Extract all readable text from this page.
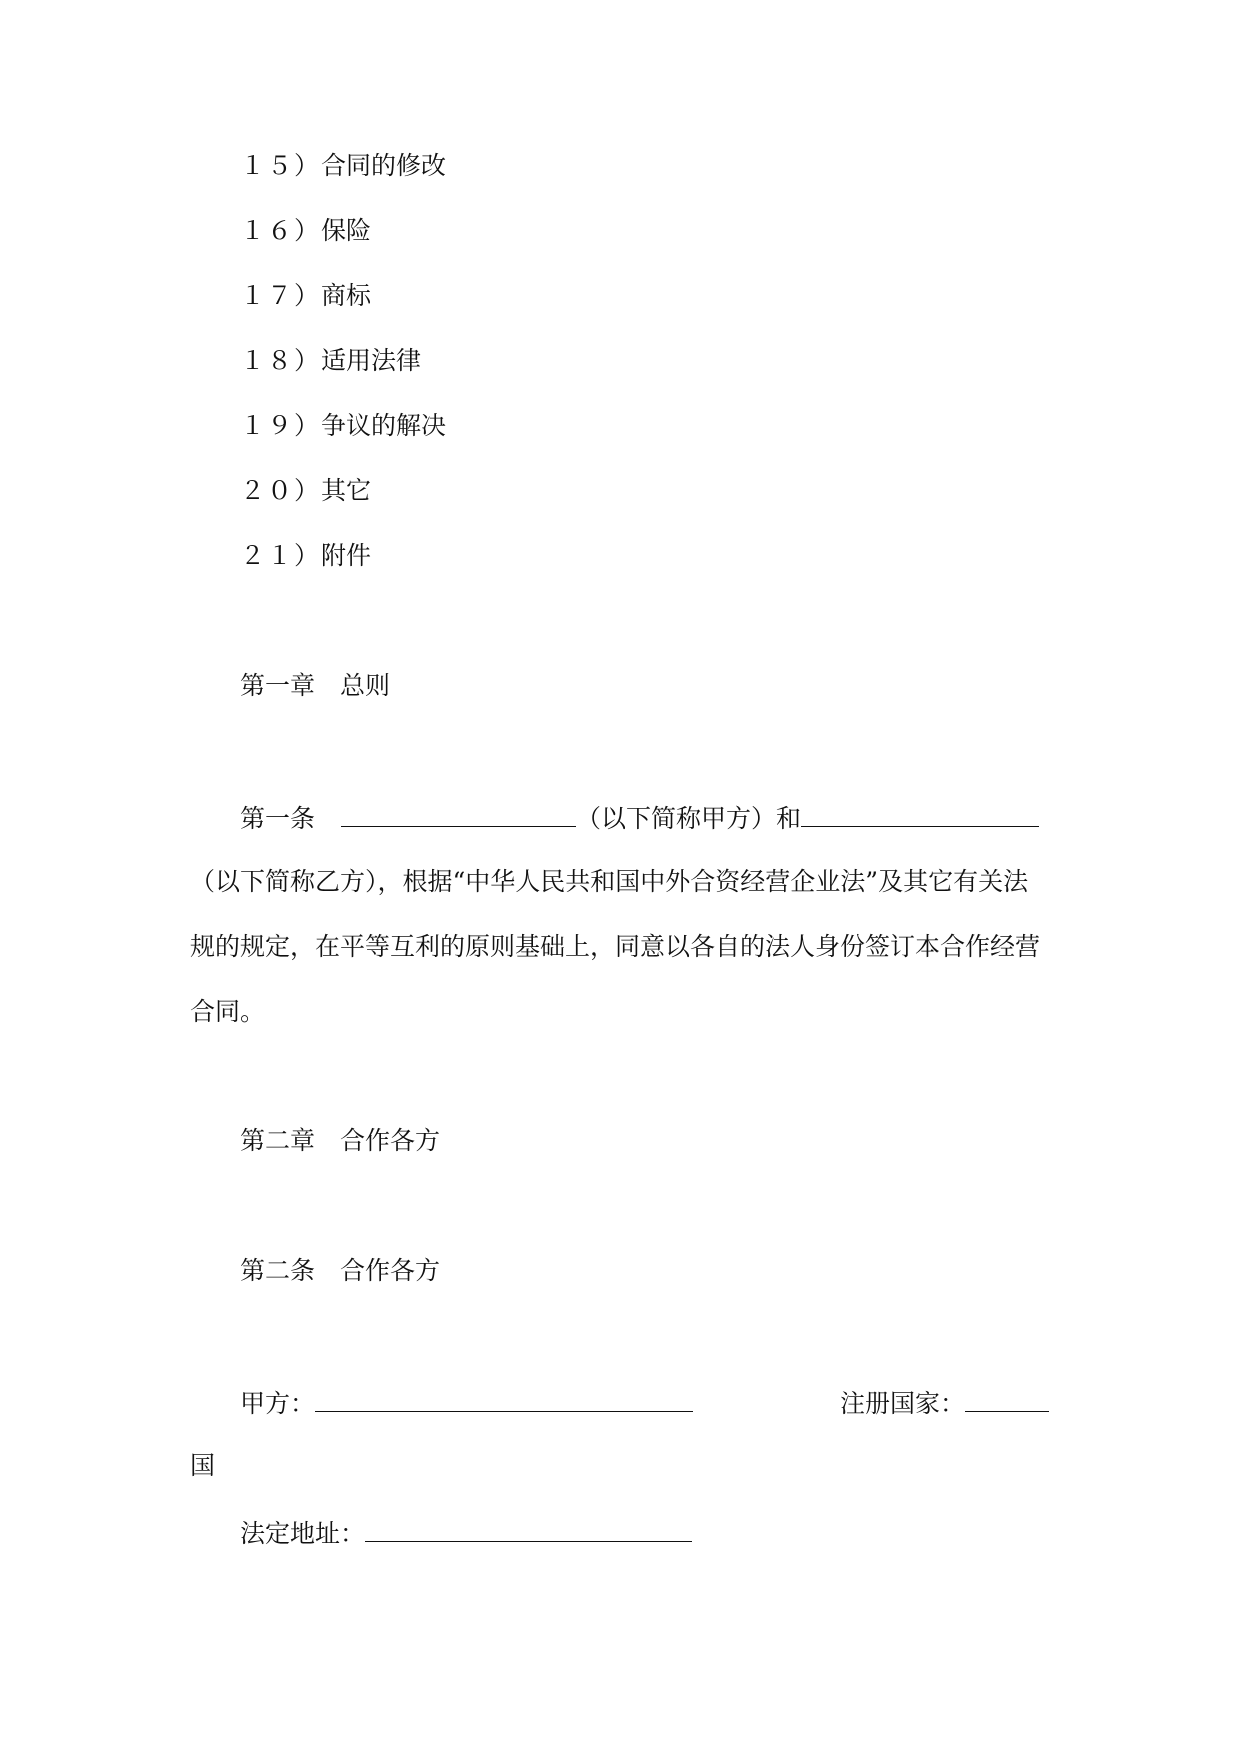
１５）合同的修改
１６）保险
１７）商标
１８）适用法律
１９）争议的解决
２０）其它
２１）附件
第一章　总则
第一条	（以下简称甲方）和
（以下简称乙方），根据“中华人民共和国中外合资经营企业法”及其它有关法规的规定，在平等互利的原则基础上，同意以各自的法人身份签订本合作经营合同。
第二章　合作各方
第二条　合作各方
甲方：	注册国家：
国
法定地址：
